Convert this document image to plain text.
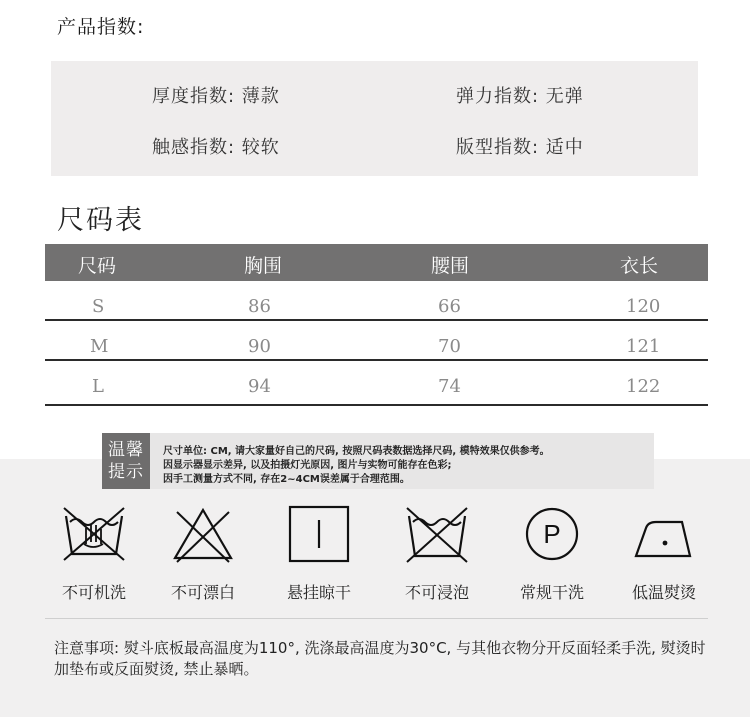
产品指数:
厚度指数: 薄款	弹力指数: 无弹
触感指数: 较软	版型指数: 适中
尺码表
尺码	胸围	腰围	衣长
S	86	66	120
M	90	70	121
L	94	74	122
温馨
提示
尺寸单位: CM, 请大家量好自己的尺码, 按照尺码表数据选择尺码, 模特效果仅供参考。
因显示器显示差异, 以及拍摄灯光原因, 图片与实物可能存在色彩;
因手工测量方式不同, 存在2~4CM误差属于合理范围。
不可机洗	不可漂白	悬挂晾干	不可浸泡
P
常规干洗	低温熨烫
注意事项: 熨斗底板最高温度为110°, 洗涤最高温度为30°C, 与其他衣物分开反面轻柔手洗, 熨烫时加垫布或反面熨烫, 禁止暴晒。
